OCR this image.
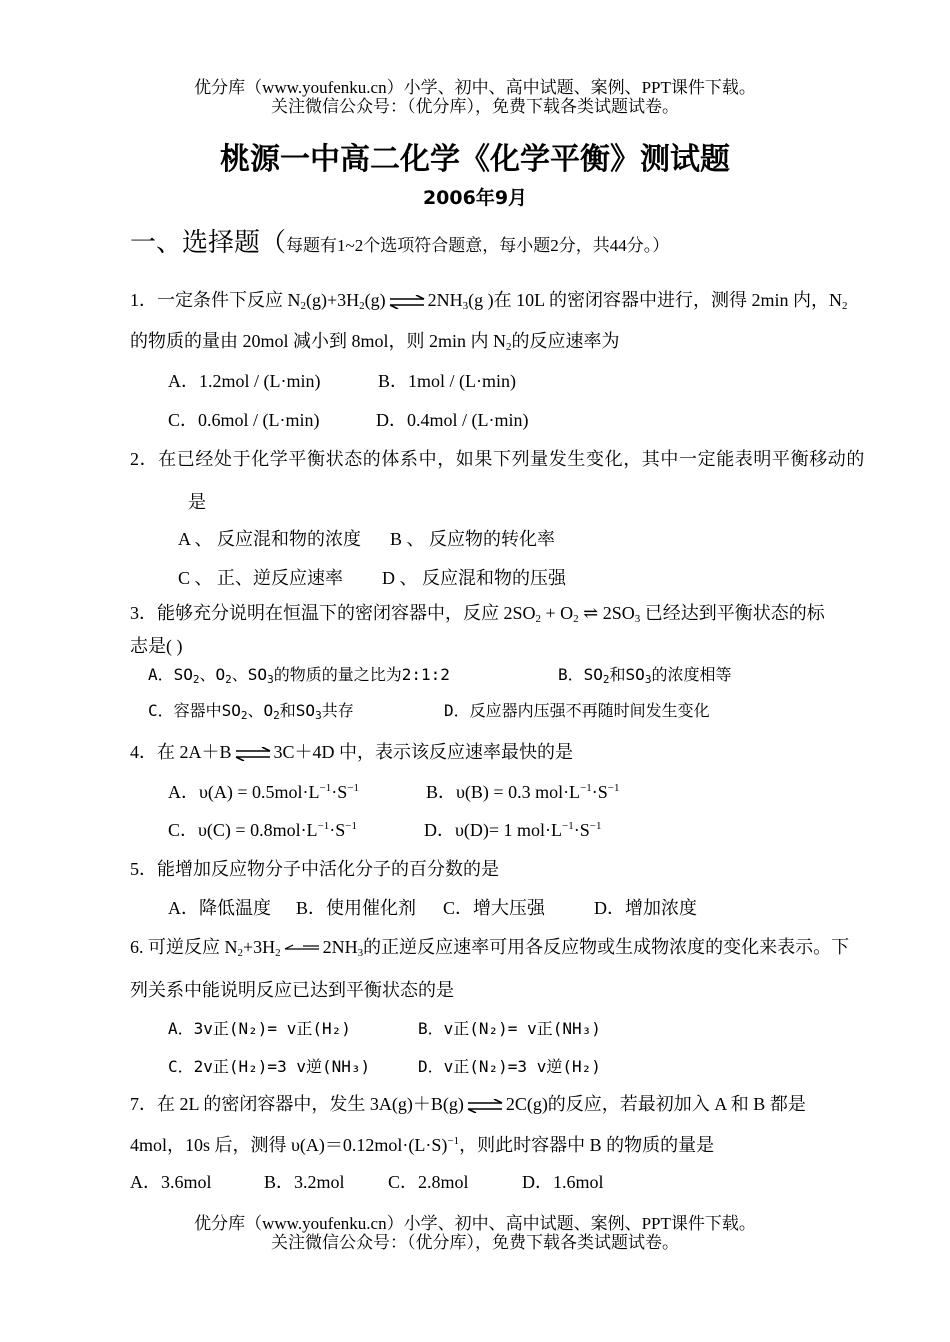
优分库（www.youfenku.cn）小学、初中、高中试题、案例、PPT课件下载。
关注微信公众号：（优分库），免费下载各类试题试卷。
桃源一中高二化学《化学平衡》测试题
2006年9月
一、选择题（每题有1~2个选项符合题意，每小题2分，共44分。）
1．一定条件下反应 $N_2(g)+3H_2(g)$ ⇌ $2NH_3(g$ )在 10L 的密闭容器中进行，测得 2min 内，$N_2$
的物质的量由 20mol 减小到 8mol，则 2min 内 $N_2$的反应速率为
A．1.2mol / (L·min)	B．1mol / (L·min)
C．0.6mol / (L·min)	D．0.4mol / (L·min)
2．在已经处于化学平衡状态的体系中，如果下列量发生变化，其中一定能表明平衡移动的
是
A 、 反应混和物的浓度 B 、 反应物的转化率
C 、 正、逆反应速率 D 、 反应混和物的压强
3．能够充分说明在恒温下的密闭容器中，反应 $2SO_2 + O_2$ ⇌ $2SO_3$ 已经达到平衡状态的标
志是( )
A．$SO_2$、$O_2$、$SO_3$的物质的量之比为2:1:2	B．$SO_2$和$SO_3$的浓度相等
C．容器中$SO_2$、$O_2$和$SO_3$共存	D．反应器内压强不再随时间发生变化
4．在 2A＋B ⇌ 3C＋4D 中，表示该反应速率最快的是
A．$\upsilon(A) = 0.5mol\cdot L^{-1}\cdot S^{-1}$	B．υ(B) = 0.3 $mol\cdot L^{-1}\cdot S^{-1}$
C．$\upsilon(C) = 0.8mol\cdot L^{-1}\cdot S^{-1}$	D．υ(D)= 1 $mol\cdot L^{-1}\cdot S^{-1}$
5．能增加反应物分子中活化分子的百分数的是
A．降低温度 B．使用催化剂 C．增大压强	D．增加浓度
6. 可逆反应 $N_2+3H_2$ $2NH_3$的正逆反应速率可用各反应物或生成物浓度的变化来表示。下
列关系中能说明反应已达到平衡状态的是
A．3v正(N₂)= v正(H₂)	B．v正(N₂)= v正(NH₃)
C．2v正(H₂)=3 v逆(NH₃)	D．v正(N₂)=3 v逆(H₂)
7．在 2L 的密闭容器中，发生 3A(g)＋B(g) ⇌ 2C(g)的反应，若最初加入 A 和 B 都是
4mol，10s 后，测得 $\upsilon(A)=0.12mol\cdot(L\cdot S)^{-1}$，则此时容器中 B 的物质的量是
A．3.6mol	B．3.2mol C．2.8mol	D．1.6mol
优分库（www.youfenku.cn）小学、初中、高中试题、案例、PPT课件下载。
关注微信公众号：（优分库），免费下载各类试题试卷。
